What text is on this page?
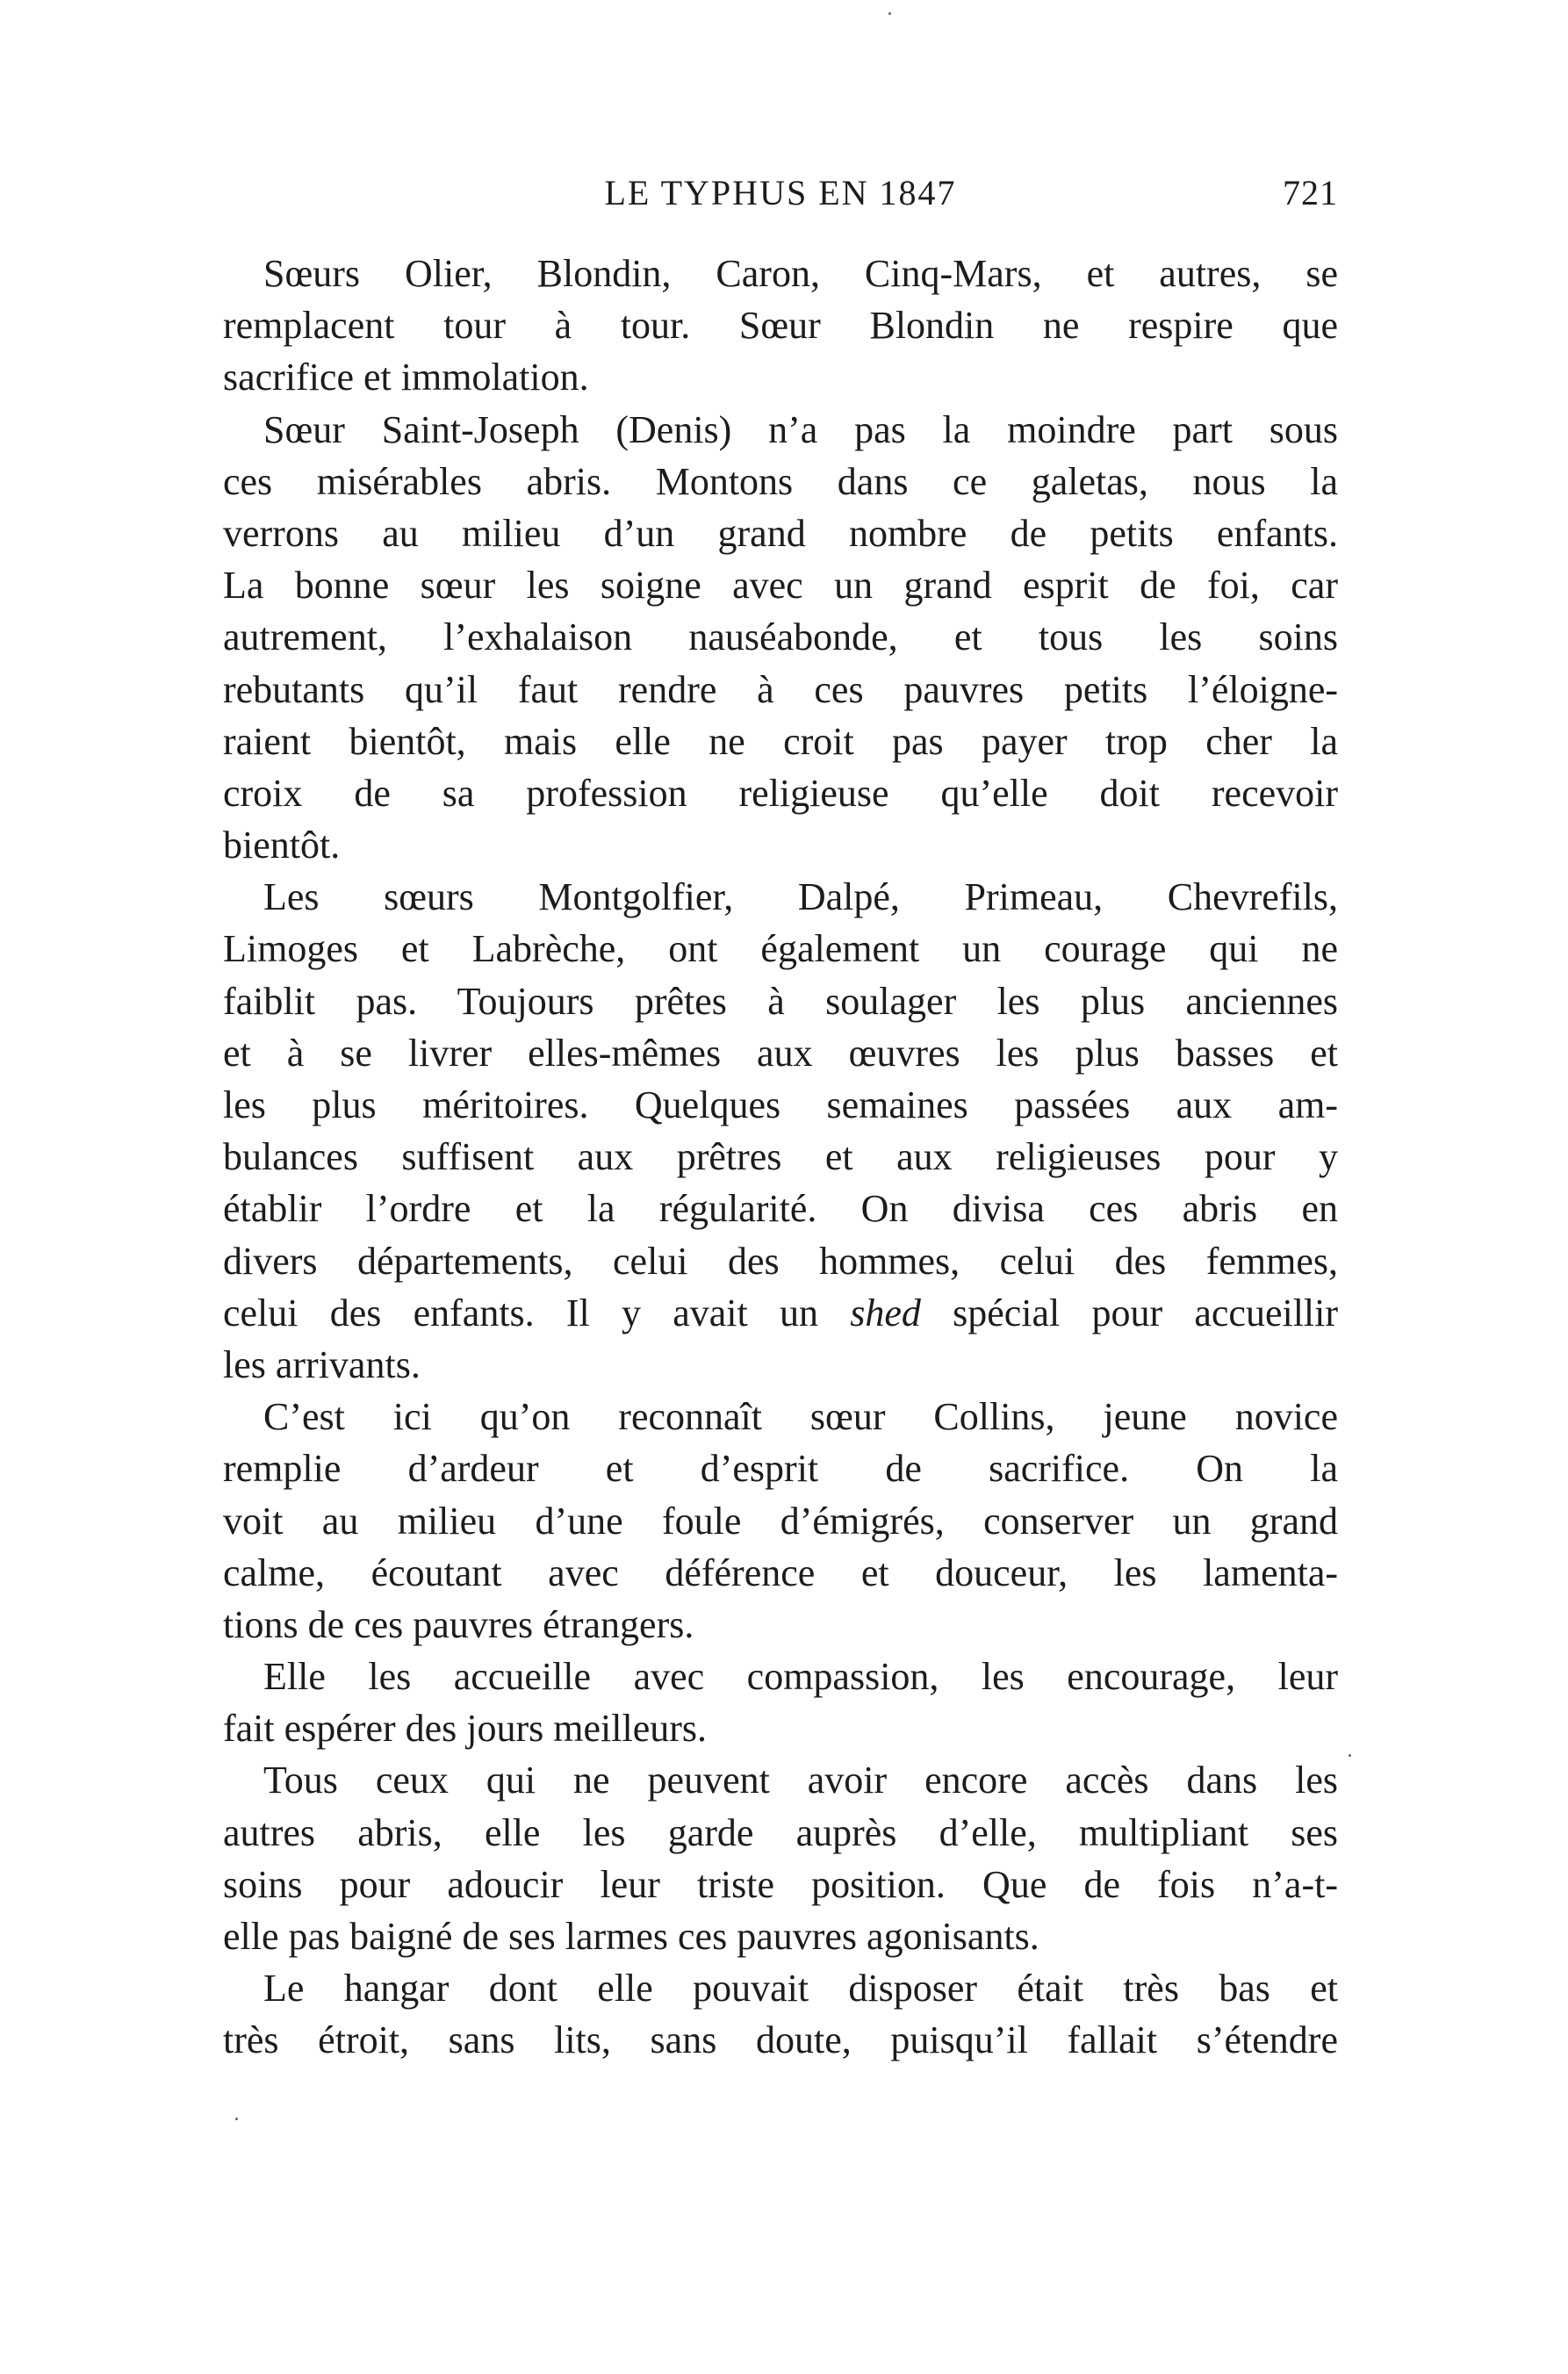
LE TYPHUS EN 1847	721
Sœurs Olier, Blondin, Caron, Cinq-Mars, et autres, se
remplacent tour à tour. Sœur Blondin ne respire que
sacrifice et immolation.
Sœur Saint-Joseph (Denis) n’a pas la moindre part sous
ces misérables abris. Montons dans ce galetas, nous la
verrons au milieu d’un grand nombre de petits enfants.
La bonne sœur les soigne avec un grand esprit de foi, car
autrement, l’exhalaison nauséabonde, et tous les soins
rebutants qu’il faut rendre à ces pauvres petits l’éloigne-
raient bientôt, mais elle ne croit pas payer trop cher la
croix de sa profession religieuse qu’elle doit recevoir
bientôt.
Les sœurs Montgolfier, Dalpé, Primeau, Chevrefils,
Limoges et Labrèche, ont également un courage qui ne
faiblit pas. Toujours prêtes à soulager les plus anciennes
et à se livrer elles-mêmes aux œuvres les plus basses et
les plus méritoires. Quelques semaines passées aux am-
bulances suffisent aux prêtres et aux religieuses pour y
établir l’ordre et la régularité. On divisa ces abris en
divers départements, celui des hommes, celui des femmes,
celui des enfants. Il y avait un shed spécial pour accueillir
les arrivants.
C’est ici qu’on reconnaît sœur Collins, jeune novice
remplie d’ardeur et d’esprit de sacrifice. On la
voit au milieu d’une foule d’émigrés, conserver un grand
calme, écoutant avec déférence et douceur, les lamenta-
tions de ces pauvres étrangers.
Elle les accueille avec compassion, les encourage, leur
fait espérer des jours meilleurs.
Tous ceux qui ne peuvent avoir encore accès dans les
autres abris, elle les garde auprès d’elle, multipliant ses
soins pour adoucir leur triste position. Que de fois n’a-t-
elle pas baigné de ses larmes ces pauvres agonisants.
Le hangar dont elle pouvait disposer était très bas et
très étroit, sans lits, sans doute, puisqu’il fallait s’étendre
